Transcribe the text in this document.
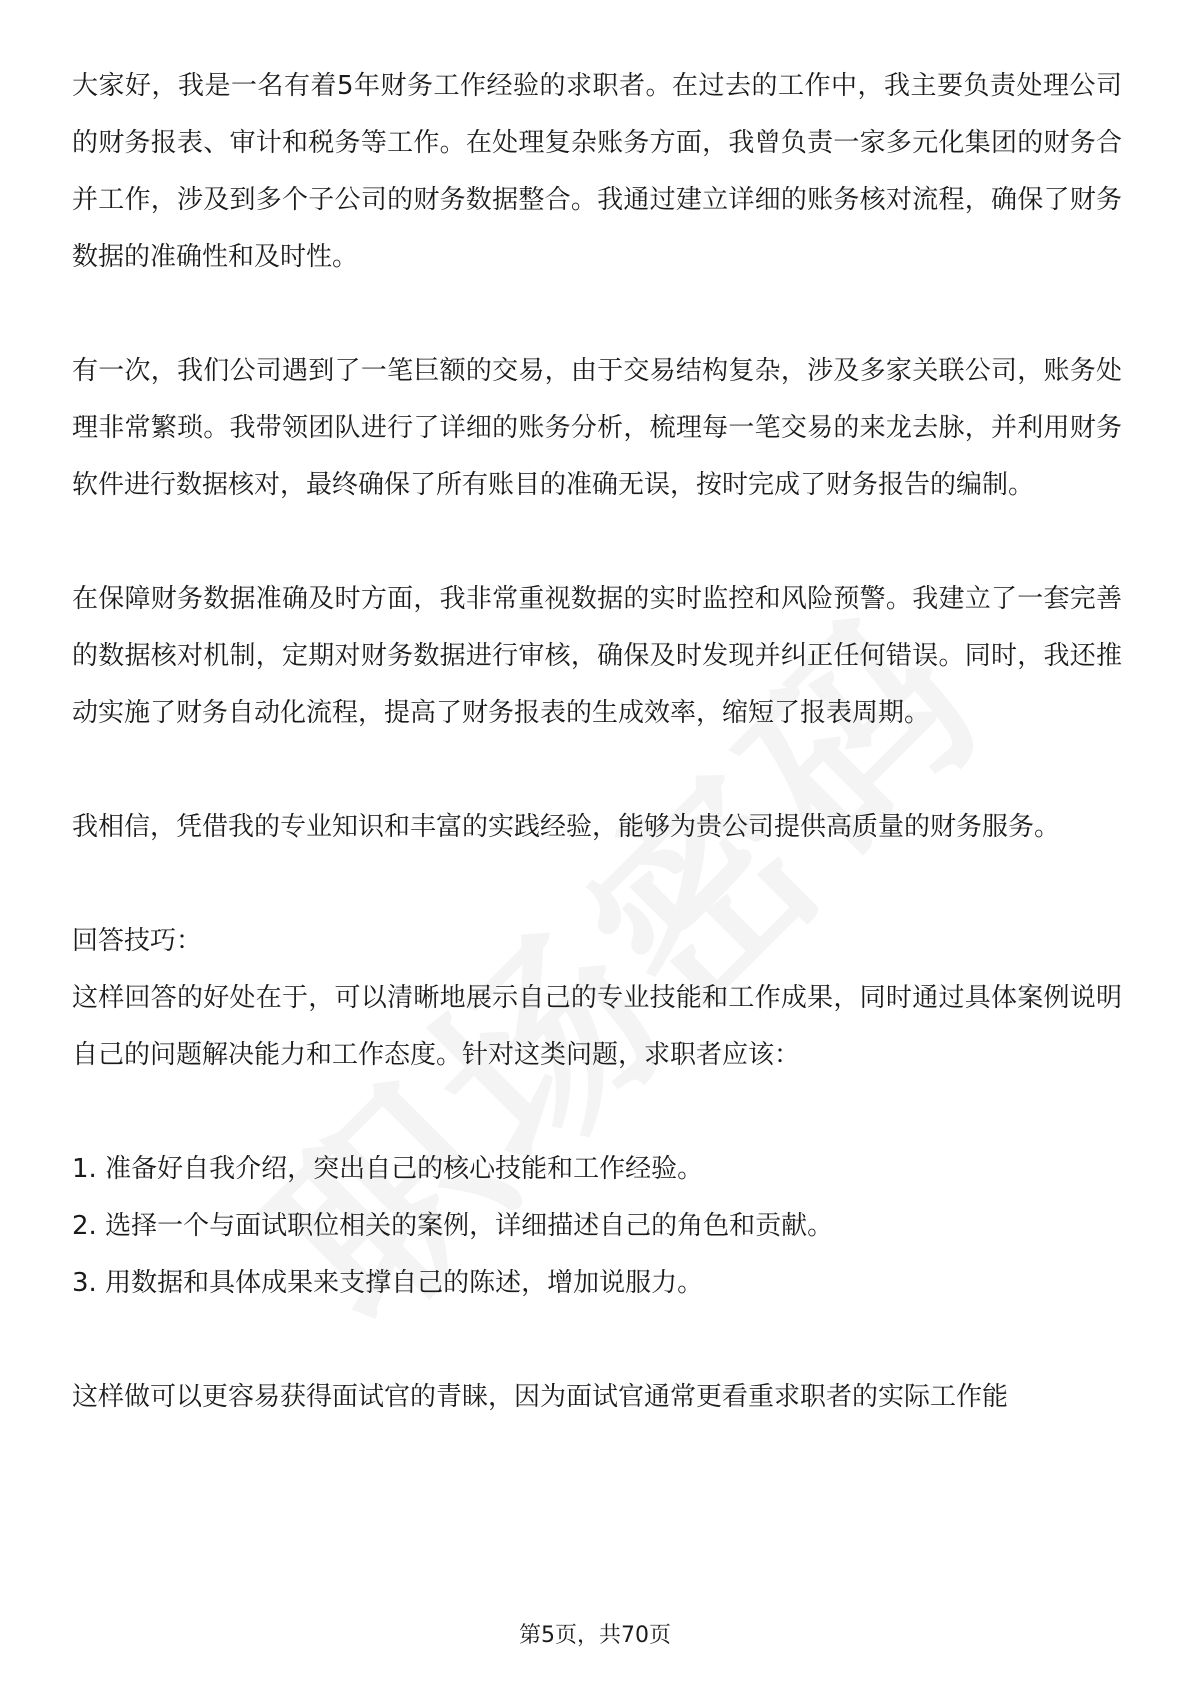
大家好，我是一名有着5年财务工作经验的求职者。在过去的工作中，我主要负责处理公司的财务报表、审计和税务等工作。在处理复杂账务方面，我曾负责一家多元化集团的财务合并工作，涉及到多个子公司的财务数据整合。我通过建立详细的账务核对流程，确保了财务数据的准确性和及时性。

有一次，我们公司遇到了一笔巨额的交易，由于交易结构复杂，涉及多家关联公司，账务处理非常繁琐。我带领团队进行了详细的账务分析，梳理每一笔交易的来龙去脉，并利用财务软件进行数据核对，最终确保了所有账目的准确无误，按时完成了财务报告的编制。

在保障财务数据准确及时方面，我非常重视数据的实时监控和风险预警。我建立了一套完善的数据核对机制，定期对财务数据进行审核，确保及时发现并纠正任何错误。同时，我还推动实施了财务自动化流程，提高了财务报表的生成效率，缩短了报表周期。

我相信，凭借我的专业知识和丰富的实践经验，能够为贵公司提供高质量的财务服务。

回答技巧：

这样回答的好处在于，可以清晰地展示自己的专业技能和工作成果，同时通过具体案例说明自己的问题解决能力和工作态度。针对这类问题，求职者应该：

1. 准备好自我介绍，突出自己的核心技能和工作经验。

2. 选择一个与面试职位相关的案例，详细描述自己的角色和贡献。

3. 用数据和具体成果来支撑自己的陈述，增加说服力。

这样做可以更容易获得面试官的青睐，因为面试官通常更看重求职者的实际工作能

第5页，共70页
